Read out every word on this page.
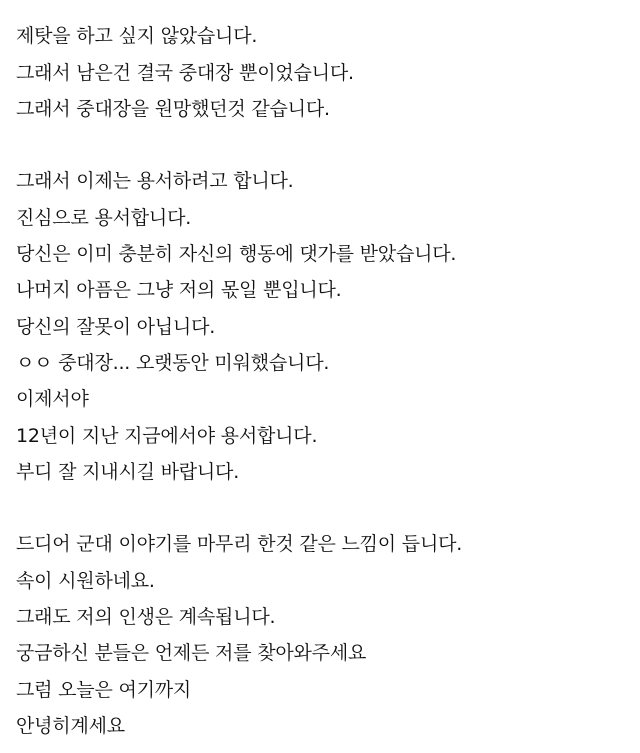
제탓을 하고 싶지 않았습니다.
그래서 남은건 결국 중대장 뿐이었습니다.
그래서 중대장을 원망했던것 같습니다.
그래서 이제는 용서하려고 합니다.
진심으로 용서합니다.
당신은 이미 충분히 자신의 행동에 댓가를 받았습니다.
나머지 아픔은 그냥 저의 몫일 뿐입니다.
당신의 잘못이 아닙니다.
ㅇㅇ 중대장... 오랫동안 미워했습니다.
이제서야
12년이 지난 지금에서야 용서합니다.
부디 잘 지내시길 바랍니다.
드디어 군대 이야기를 마무리 한것 같은 느낌이 듭니다.
속이 시원하네요.
그래도 저의 인생은 계속됩니다.
궁금하신 분들은 언제든 저를 찾아와주세요
그럼 오늘은 여기까지
안녕히계세요
